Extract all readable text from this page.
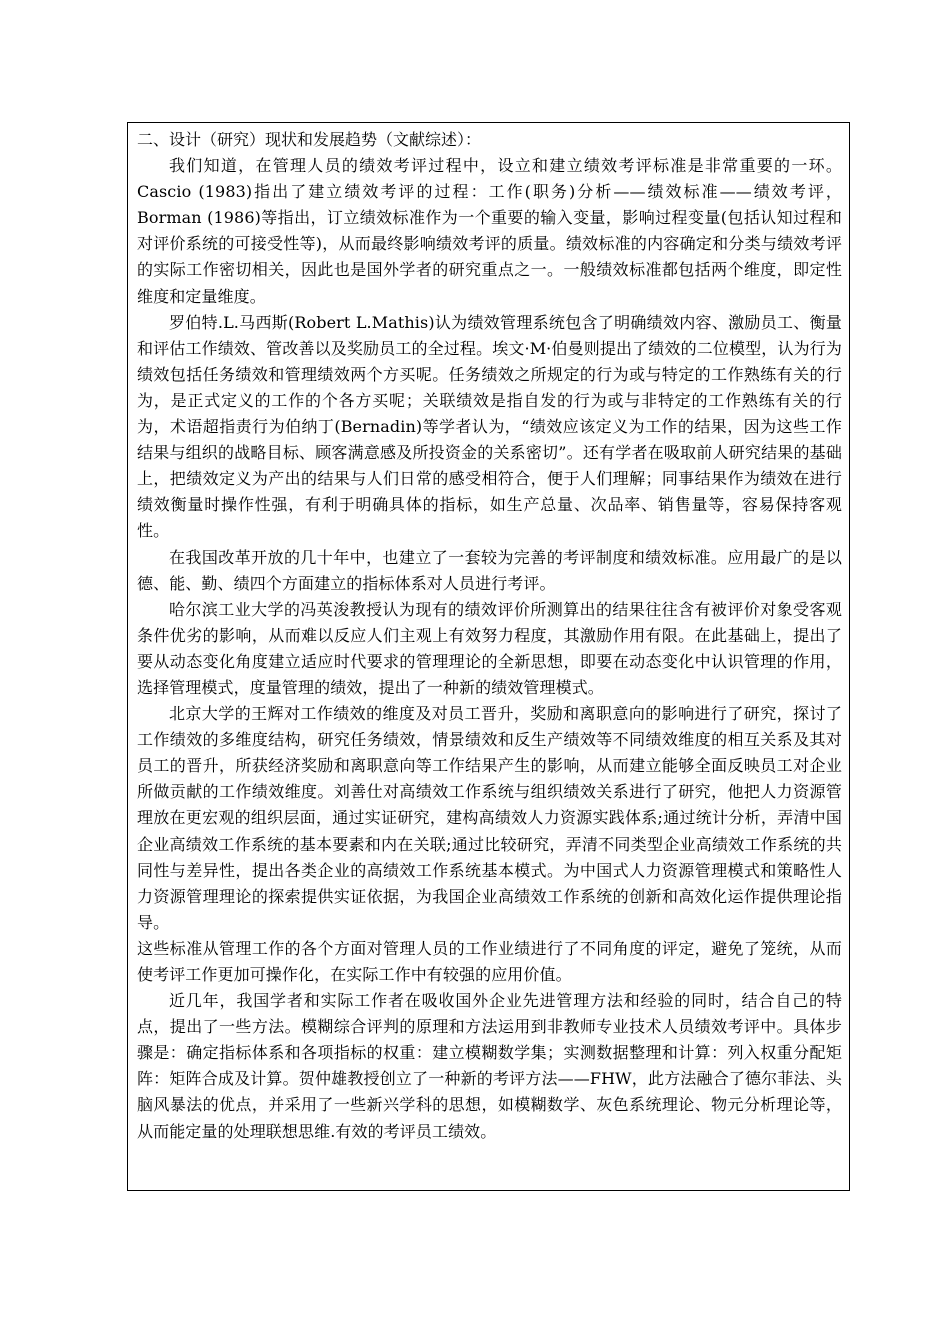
二、设计（研究）现状和发展趋势（文献综述）：

我们知道，在管理人员的绩效考评过程中，设立和建立绩效考评标准是非常重要的一环。Cascio (1983)指出了建立绩效考评的过程：工作(职务)分析——绩效标准——绩效考评，Borman (1986)等指出，订立绩效标准作为一个重要的输入变量，影响过程变量(包括认知过程和对评价系统的可接受性等)，从而最终影响绩效考评的质量。绩效标准的内容确定和分类与绩效考评的实际工作密切相关，因此也是国外学者的研究重点之一。一般绩效标准都包括两个维度，即定性维度和定量维度。

罗伯特.L.马西斯(Robert L.Mathis)认为绩效管理系统包含了明确绩效内容、激励员工、衡量和评估工作绩效、管改善以及奖励员工的全过程。埃文·M·伯曼则提出了绩效的二位模型，认为行为绩效包括任务绩效和管理绩效两个方买呢。任务绩效之所规定的行为或与特定的工作熟练有关的行为，是正式定义的工作的个各方买呢；关联绩效是指自发的行为或与非特定的工作熟练有关的行为，术语超指责行为伯纳丁(Bernadin)等学者认为，“绩效应该定义为工作的结果，因为这些工作结果与组织的战略目标、顾客满意感及所投资金的关系密切”。还有学者在吸取前人研究结果的基础上，把绩效定义为产出的结果与人们日常的感受相符合，便于人们理解；同事结果作为绩效在进行绩效衡量时操作性强，有利于明确具体的指标，如生产总量、次品率、销售量等，容易保持客观性。

在我国改革开放的几十年中，也建立了一套较为完善的考评制度和绩效标准。应用最广的是以德、能、勤、绩四个方面建立的指标体系对人员进行考评。

哈尔滨工业大学的冯英浚教授认为现有的绩效评价所测算出的结果往往含有被评价对象受客观条件优劣的影响，从而难以反应人们主观上有效努力程度，其激励作用有限。在此基础上，提出了要从动态变化角度建立适应时代要求的管理理论的全新思想，即要在动态变化中认识管理的作用，选择管理模式，度量管理的绩效，提出了一种新的绩效管理模式。

北京大学的王辉对工作绩效的维度及对员工晋升，奖励和离职意向的影响进行了研究，探讨了工作绩效的多维度结构，研究任务绩效，情景绩效和反生产绩效等不同绩效维度的相互关系及其对员工的晋升，所获经济奖励和离职意向等工作结果产生的影响，从而建立能够全面反映员工对企业所做贡献的工作绩效维度。刘善仕对高绩效工作系统与组织绩效关系进行了研究，他把人力资源管理放在更宏观的组织层面，通过实证研究，建构高绩效人力资源实践体系;通过统计分析，弄清中国企业高绩效工作系统的基本要素和内在关联;通过比较研究，弄清不同类型企业高绩效工作系统的共同性与差异性，提出各类企业的高绩效工作系统基本模式。为中国式人力资源管理模式和策略性人力资源管理理论的探索提供实证依据，为我国企业高绩效工作系统的创新和高效化运作提供理论指导。

这些标准从管理工作的各个方面对管理人员的工作业绩进行了不同角度的评定，避免了笼统，从而使考评工作更加可操作化，在实际工作中有较强的应用价值。

近几年，我国学者和实际工作者在吸收国外企业先进管理方法和经验的同时，结合自己的特点，提出了一些方法。模糊综合评判的原理和方法运用到非教师专业技术人员绩效考评中。具体步骤是：确定指标体系和各项指标的权重：建立模糊数学集；实测数据整理和计算：列入权重分配矩阵：矩阵合成及计算。贺仲雄教授创立了一种新的考评方法——FHW，此方法融合了德尔菲法、头脑风暴法的优点，并采用了一些新兴学科的思想，如模糊数学、灰色系统理论、物元分析理论等，从而能定量的处理联想思维.有效的考评员工绩效。
